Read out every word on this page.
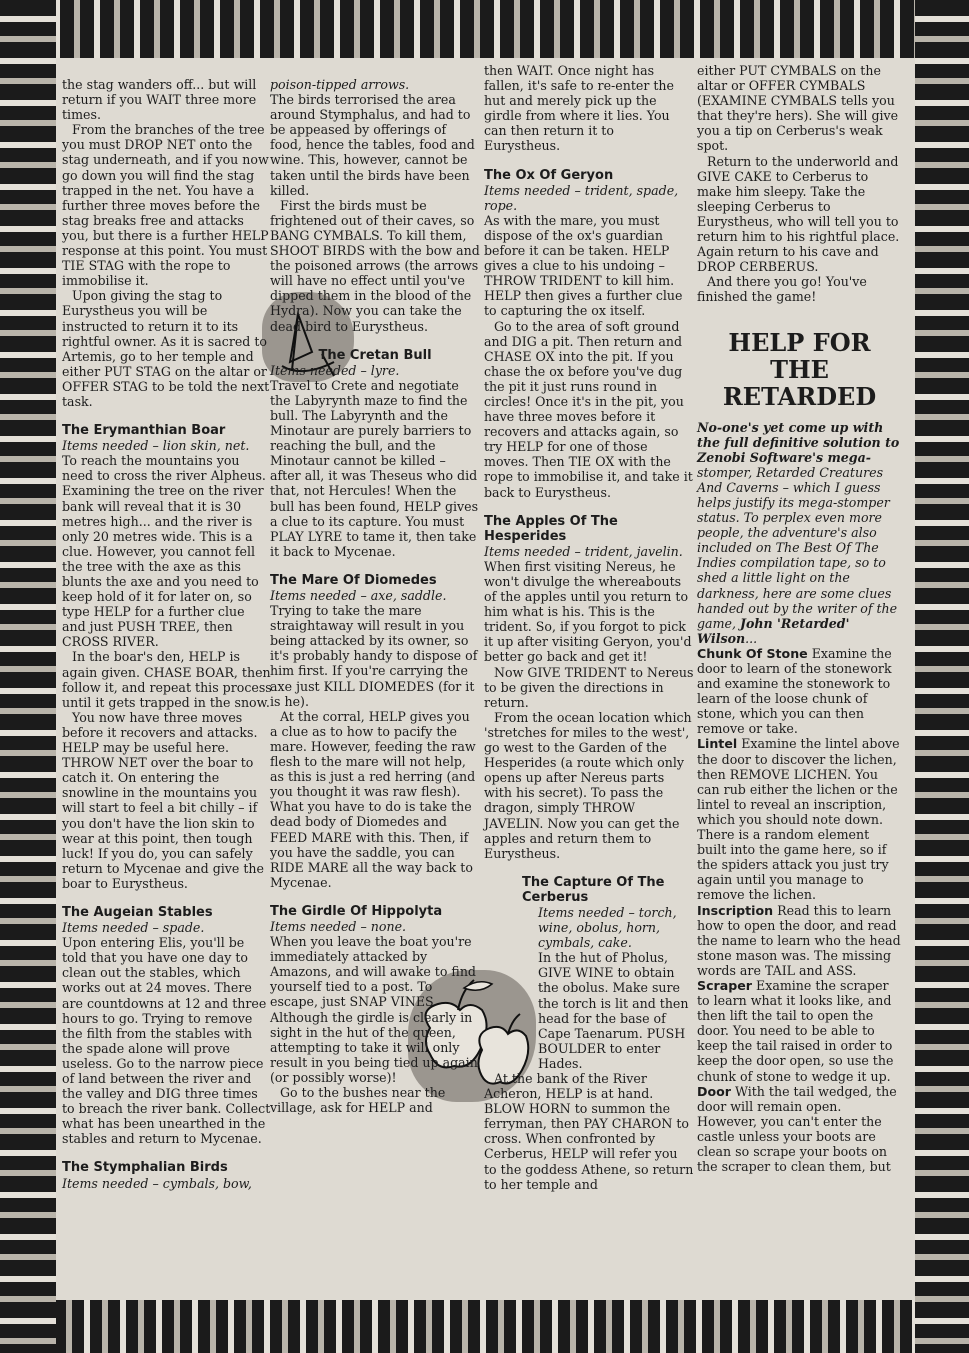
the stag wanders off... but will return if you WAIT three more times.

From the branches of the tree you must DROP NET onto the stag underneath, and if you now go down you will find the stag trapped in the net. You have a further three moves before the stag breaks free and attacks you, but there is a further HELP response at this point. You must TIE STAG with the rope to immobilise it.

Upon giving the stag to Eurystheus you will be instructed to return it to its rightful owner. As it is sacred to Artemis, go to her temple and either PUT STAG on the altar or OFFER STAG to be told the next task.

The Erymanthian Boar

Items needed – lion skin, net.

To reach the mountains you need to cross the river Alpheus. Examining the tree on the river bank will reveal that it is 30 metres high... and the river is only 20 metres wide. This is a clue. However, you cannot fell the tree with the axe as this blunts the axe and you need to keep hold of it for later on, so type HELP for a further clue and just PUSH TREE, then CROSS RIVER.

In the boar's den, HELP is again given. CHASE BOAR, then follow it, and repeat this process until it gets trapped in the snow.

You now have three moves before it recovers and attacks. HELP may be useful here. THROW NET over the boar to catch it. On entering the snowline in the mountains you will start to feel a bit chilly – if you don't have the lion skin to wear at this point, then tough luck! If you do, you can safely return to Mycenae and give the boar to Eurystheus.

The Augeian Stables

Items needed – spade.

Upon entering Elis, you'll be told that you have one day to clean out the stables, which works out at 24 moves. There are countdowns at 12 and three hours to go. Trying to remove the filth from the stables with the spade alone will prove useless. Go to the narrow piece of land between the river and the valley and DIG three times to breach the river bank. Collect what has been unearthed in the stables and return to Mycenae.

The Stymphalian Birds

Items needed – cymbals, bow,

poison-tipped arrows.

The birds terrorised the area around Stymphalus, and had to be appeased by offerings of food, hence the tables, food and wine. This, however, cannot be taken until the birds have been killed.

First the birds must be frightened out of their caves, so BANG CYMBALS. To kill them, SHOOT BIRDS with the bow and the poisoned arrows (the arrows will have no effect until you've dipped them in the blood of the Hydra). Now you can take the dead bird to Eurystheus.

The Cretan Bull

Items needed – lyre.

Travel to Crete and negotiate the Labyrynth maze to find the bull. The Labyrynth and the Minotaur are purely barriers to reaching the bull, and the Minotaur cannot be killed – after all, it was Theseus who did that, not Hercules! When the bull has been found, HELP gives a clue to its capture. You must PLAY LYRE to tame it, then take it back to Mycenae.

The Mare Of Diomedes

Items needed – axe, saddle.

Trying to take the mare straightaway will result in you being attacked by its owner, so it's probably handy to dispose of him first. If you're carrying the axe just KILL DIOMEDES (for it is he).

At the corral, HELP gives you a clue as to how to pacify the mare. However, feeding the raw flesh to the mare will not help, as this is just a red herring (and you thought it was raw flesh). What you have to do is take the dead body of Diomedes and FEED MARE with this. Then, if you have the saddle, you can RIDE MARE all the way back to Mycenae.

The Girdle Of Hippolyta

Items needed – none.

When you leave the boat you're immediately attacked by Amazons, and will awake to find yourself tied to a post. To escape, just SNAP VINES. Although the girdle is clearly in sight in the hut of the queen, attempting to take it will only result in you being tied up again (or possibly worse)!

Go to the bushes near the village, ask for HELP and

then WAIT. Once night has fallen, it's safe to re-enter the hut and merely pick up the girdle from where it lies. You can then return it to Eurystheus.

The Ox Of Geryon

Items needed – trident, spade, rope.

As with the mare, you must dispose of the ox's guardian before it can be taken. HELP gives a clue to his undoing – THROW TRIDENT to kill him. HELP then gives a further clue to capturing the ox itself.

Go to the area of soft ground and DIG a pit. Then return and CHASE OX into the pit. If you chase the ox before you've dug the pit it just runs round in circles! Once it's in the pit, you have three moves before it recovers and attacks again, so try HELP for one of those moves. Then TIE OX with the rope to immobilise it, and take it back to Eurystheus.

The Apples Of The Hesperides

Items needed – trident, javelin.

When first visiting Nereus, he won't divulge the whereabouts of the apples until you return to him what is his. This is the trident. So, if you forgot to pick it up after visiting Geryon, you'd better go back and get it!

Now GIVE TRIDENT to Nereus to be given the directions in return.

From the ocean location which 'stretches for miles to the west', go west to the Garden of the Hesperides (a route which only opens up after Nereus parts with his secret). To pass the dragon, simply THROW JAVELIN. Now you can get the apples and return them to Eurystheus.

The Capture Of The Cerberus

Items needed – torch, wine, obolus, horn, cymbals, cake.

In the hut of Pholus, GIVE WINE to obtain the obolus. Make sure the torch is lit and then head for the base of Cape Taenarum. PUSH BOULDER to enter Hades.

At the bank of the River Acheron, HELP is at hand. BLOW HORN to summon the ferryman, then PAY CHARON to cross. When confronted by Cerberus, HELP will refer you to the goddess Athene, so return to her temple and

either PUT CYMBALS on the altar or OFFER CYMBALS (EXAMINE CYMBALS tells you that they're hers). She will give you a tip on Cerberus's weak spot.

Return to the underworld and GIVE CAKE to Cerberus to make him sleepy. Take the sleeping Cerberus to Eurystheus, who will tell you to return him to his rightful place. Again return to his cave and DROP CERBERUS.

And there you go! You've finished the game!

HELP FOR THE RETARDED

No-one's yet come up with the full definitive solution to Zenobi Software's mega-stomper, Retarded Creatures And Caverns – which I guess helps justify its mega-stomper status. To perplex even more people, the adventure's also included on The Best Of The Indies compilation tape, so to shed a little light on the darkness, here are some clues handed out by the writer of the game, John 'Retarded' Wilson...

Chunk Of Stone Examine the door to learn of the stonework and examine the stonework to learn of the loose chunk of stone, which you can then remove or take.

Lintel Examine the lintel above the door to discover the lichen, then REMOVE LICHEN. You can rub either the lichen or the lintel to reveal an inscription, which you should note down. There is a random element built into the game here, so if the spiders attack you just try again until you manage to remove the lichen.

Inscription Read this to learn how to open the door, and read the name to learn who the head stone mason was. The missing words are TAIL and ASS.

Scraper Examine the scraper to learn what it looks like, and then lift the tail to open the door. You need to be able to keep the tail raised in order to keep the door open, so use the chunk of stone to wedge it up.

Door With the tail wedged, the door will remain open. However, you can't enter the castle unless your boots are clean so scrape your boots on the scraper to clean them, but
